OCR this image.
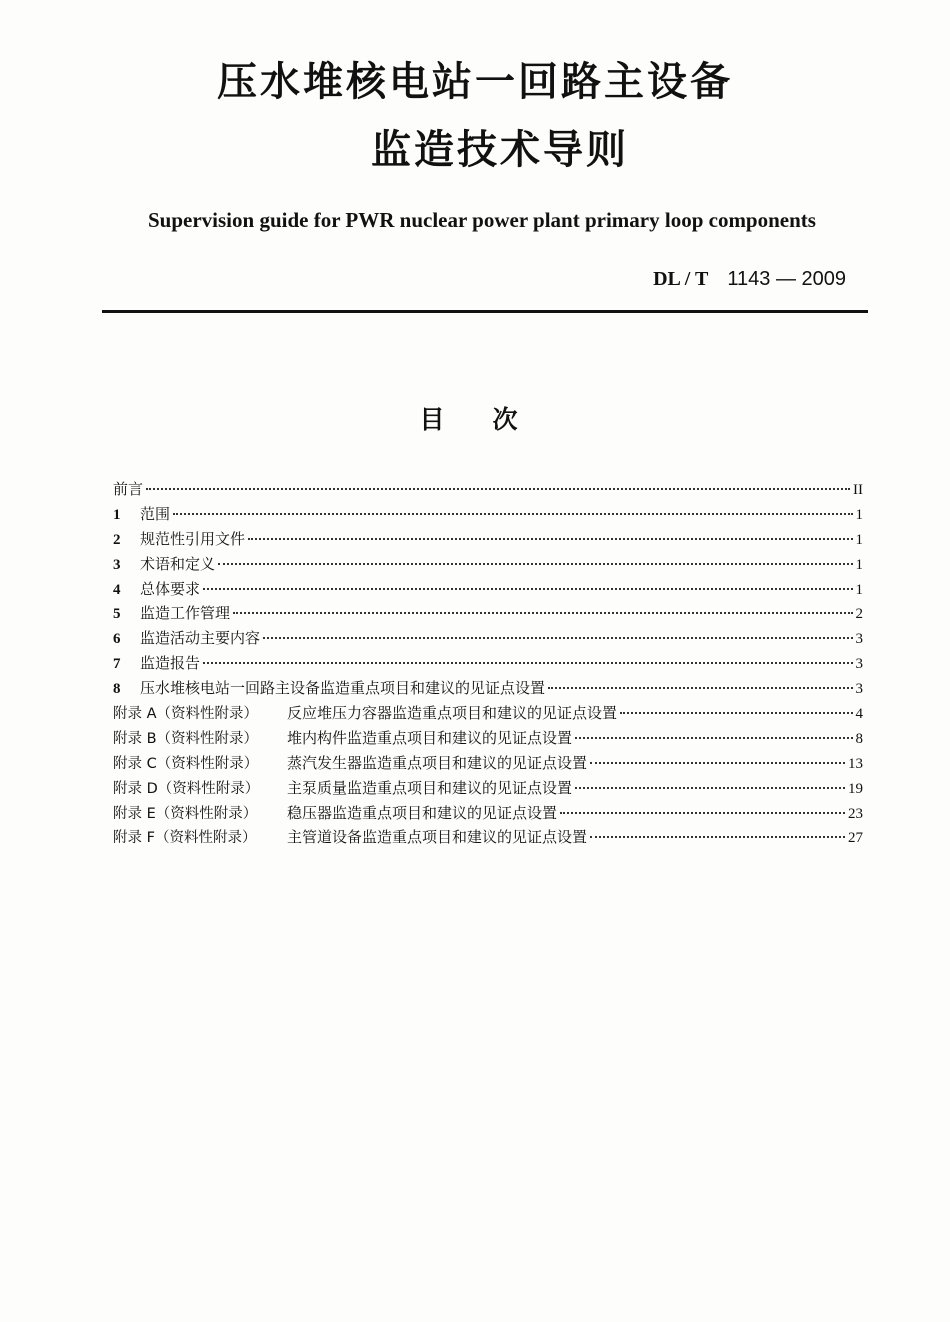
压水堆核电站一回路主设备
监造技术导则

Supervision guide for PWR nuclear power plant primary loop components

DL / T 1143 — 2009
目次
前言	II
1	范围	1
2	规范性引用文件	1
3	术语和定义	1
4	总体要求	1
5	监造工作管理	2
6	监造活动主要内容	3
7	监造报告	3
8	压水堆核电站一回路主设备监造重点项目和建议的见证点设置	3
附录 A（资料性附录）	反应堆压力容器监造重点项目和建议的见证点设置	4
附录 B（资料性附录）	堆内构件监造重点项目和建议的见证点设置	8
附录 C（资料性附录）	蒸汽发生器监造重点项目和建议的见证点设置	13
附录 D（资料性附录）	主泵质量监造重点项目和建议的见证点设置	19
附录 E（资料性附录）	稳压器监造重点项目和建议的见证点设置	23
附录 F（资料性附录）	主管道设备监造重点项目和建议的见证点设置	27
